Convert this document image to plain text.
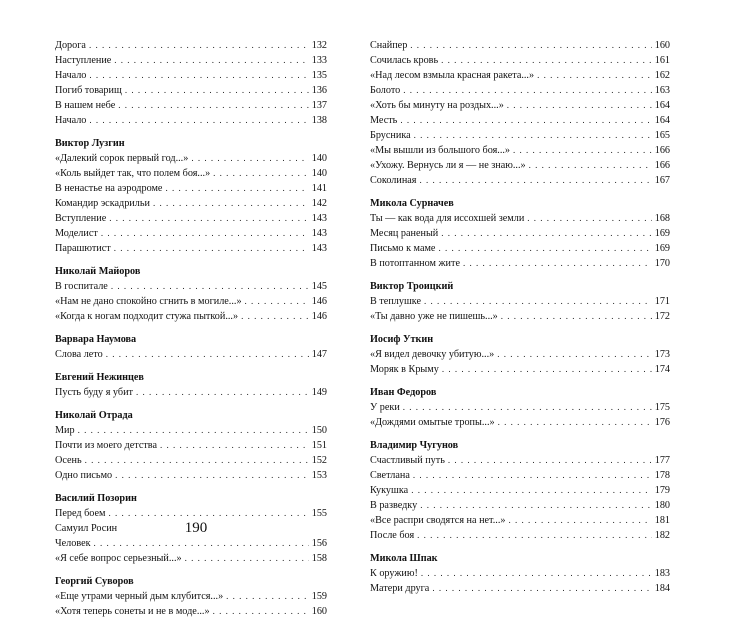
Дорога . . .	132
Наступление . . .	133
Начало . . .	135
Погиб товарищ . . .	136
В нашем небе . . .	137
Начало . . .	138
Виктор Лузгин
«Далекий сорок первый год...» . . .	140
«Коль выйдет так, что полем боя...» . . .	140
В ненастье на аэродроме . . .	141
Командир эскадрильи . . .	142
Вступление . . .	143
Моделист . . .	143
Парашютист . . .	143
Николай Майоров
В госпитале . . .	145
«Нам не дано спокойно сгнить в могиле...» . . .	146
«Когда к ногам подходит стужа пыткой...» . . .	146
Варвара Наумова
Слова лето . . .	147
Евгений Нежинцев
Пусть буду я убит . . .	149
Николай Отрада
Мир . . .	150
Почти из моего детства . . .	151
Осень . . .	152
Одно письмо . . .	153
Василий Позорин
Перед боем . . .	155
Самуил Росин
Человек . . .	156
«Я себе вопрос серьезный...» . . .	158
Георгий Суворов
«Еще утрами черный дым клубится...» . . .	159
«Хотя теперь сонеты и не в моде...» . . .	160
Снайпер . . .	160
Сочилась кровь . . .	161
«Над лесом взмыла красная ракета...» . . .	162
Болото . . .	163
«Хоть бы минуту на роздых...» . . .	164
Месть . . .	164
Брусника . . .	165
«Мы вышли из большого боя...» . . .	166
«Ухожу. Вернусь ли я — не знаю...» . . .	166
Соколиная . . .	167
Микола Сурначев
Ты — как вода для иссохшей земли . . .	168
Месяц раненый . . .	169
Письмо к маме . . .	169
В потоптанном жите . . .	170
Виктор Троицкий
В теплушке . . .	171
«Ты давно уже не пишешь...» . . .	172
Иосиф Уткин
«Я видел девочку убитую...» . . .	173
Моряк в Крыму . . .	174
Иван Федоров
У реки . . .	175
«Дождями омытые тропы...» . . .	176
Владимир Чугунов
Счастливый путь . . .	177
Светлана . . .	178
Кукушка . . .	179
В разведку . . .	180
«Все распри сводятся на нет...» . . .	181
После боя . . .	182
Микола Шпак
К оружию! . . .	183
Матери друга . . .	184
190
